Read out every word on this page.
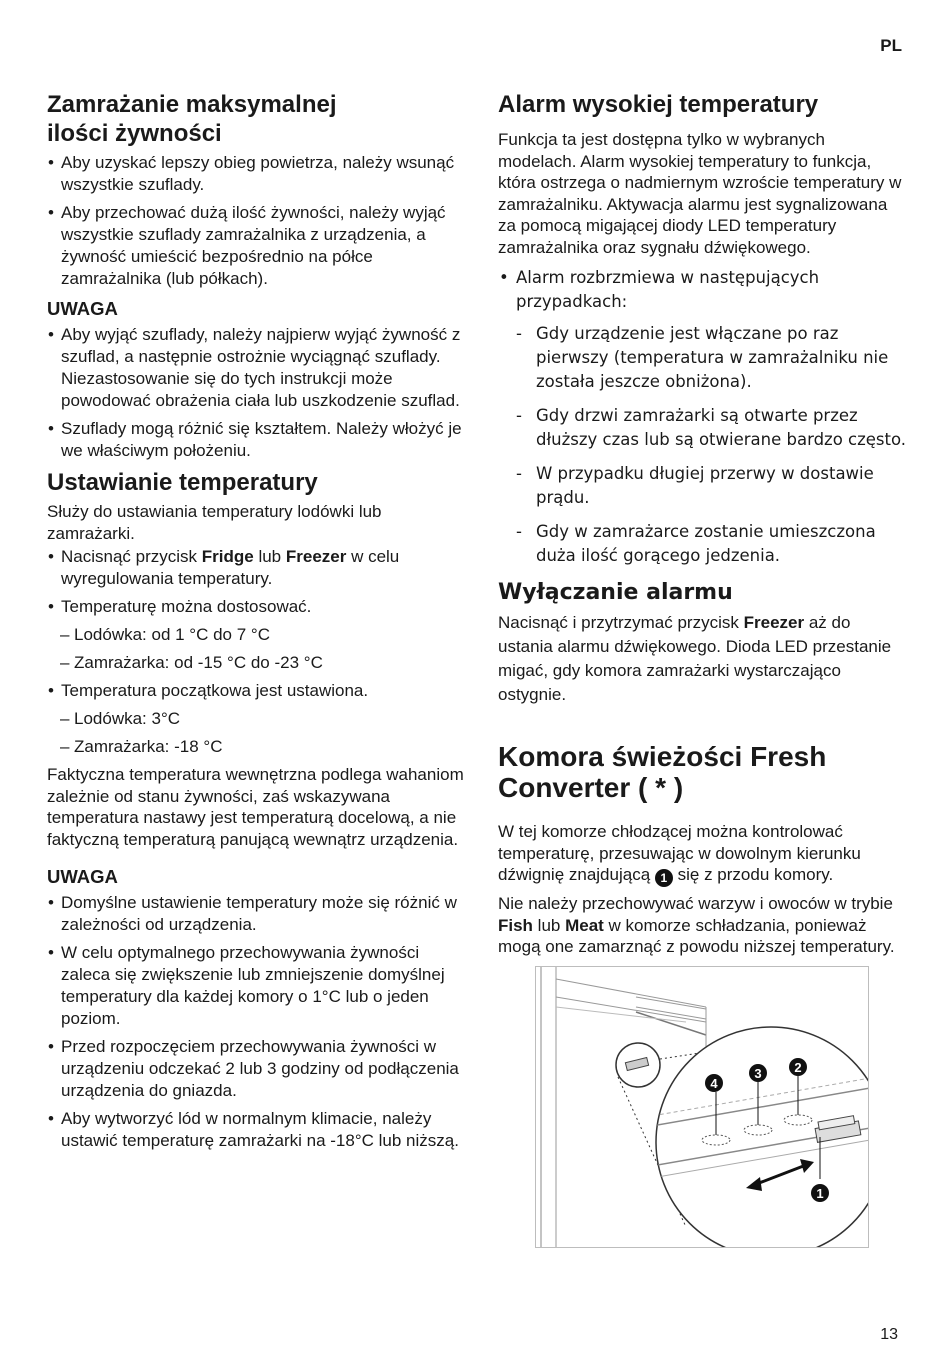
PL
Zamrażanie maksymalnej
ilości żywności
• Aby uzyskać lepszy obieg powietrza, należy wsunąć wszystkie szuflady.
• Aby przechować dużą ilość żywności, należy wyjąć wszystkie szuflady zamrażalnika z urządzenia, a żywność umieścić bezpośrednio na półce zamrażalnika (lub półkach).
UWAGA
• Aby wyjąć szuflady, należy najpierw wyjąć żywność z szuflad, a następnie ostrożnie wyciągnąć szuflady. Niezastosowanie się do tych instrukcji może powodować obrażenia ciała lub uszkodzenie szuflad.
• Szuflady mogą różnić się kształtem. Należy włożyć je we właściwym położeniu.
Ustawianie temperatury

Służy do ustawiania temperatury lodówki lub zamrażarki.

• Nacisnąć przycisk Fridge lub Freezer w celu wyregulowania temperatury.
• Temperaturę można dostosować.
– Lodówka: od 1 °C do 7 °C
– Zamrażarka: od -15 °C do -23 °C
• Temperatura początkowa jest ustawiona.
– Lodówka: 3°C
– Zamrażarka: -18 °C

Faktyczna temperatura wewnętrzna podlega wahaniom zależnie od stanu żywności, zaś wskazywana temperatura nastawy jest temperaturą docelową, a nie faktyczną temperaturą panującą wewnątrz urządzenia.

UWAGA
• Domyślne ustawienie temperatury może się różnić w zależności od urządzenia.
• W celu optymalnego przechowywania żywności zaleca się zwiększenie lub zmniejszenie domyślnej temperatury dla każdej komory o 1°C lub o jeden poziom.
• Przed rozpoczęciem przechowywania żywności w urządzeniu odczekać 2 lub 3 godziny od podłączenia urządzenia do gniazda.
• Aby wytworzyć lód w normalnym klimacie, należy ustawić temperaturę zamrażarki na -18°C lub niższą.
Alarm wysokiej temperatury

Funkcja ta jest dostępna tylko w wybranych modelach. Alarm wysokiej temperatury to funkcja, która ostrzega o nadmiernym wzroście temperatury w zamrażalniku. Aktywacja alarmu jest sygnalizowana za pomocą migającej diody LED temperatury zamrażalnika oraz sygnału dźwiękowego.

• Alarm rozbrzmiewa w następujących przypadkach:
- Gdy urządzenie jest włączane po raz pierwszy (temperatura w zamrażalniku nie została jeszcze obniżona).
- Gdy drzwi zamrażarki są otwarte przez dłuższy czas lub są otwierane bardzo często.
- W przypadku długiej przerwy w dostawie prądu.
- Gdy w zamrażarce zostanie umieszczona duża ilość gorącego jedzenia.
Wyłączanie alarmu

Nacisnąć i przytrzymać przycisk Freezer aż do ustania alarmu dźwiękowego. Dioda LED przestanie migać, gdy komora zamrażarki wystarczająco ostygnie.

Komora świeżości Fresh Converter ( * )

W tej komorze chłodzącej można kontrolować temperaturę, przesuwając w dowolnym kierunku dźwignię znajdującą 1 się z przodu komory.

Nie należy przechowywać warzyw i owoców w trybie Fish lub Meat w komorze schładzania, ponieważ mogą one zamarznąć z powodu niższej temperatury.

4
3	2
1
13
